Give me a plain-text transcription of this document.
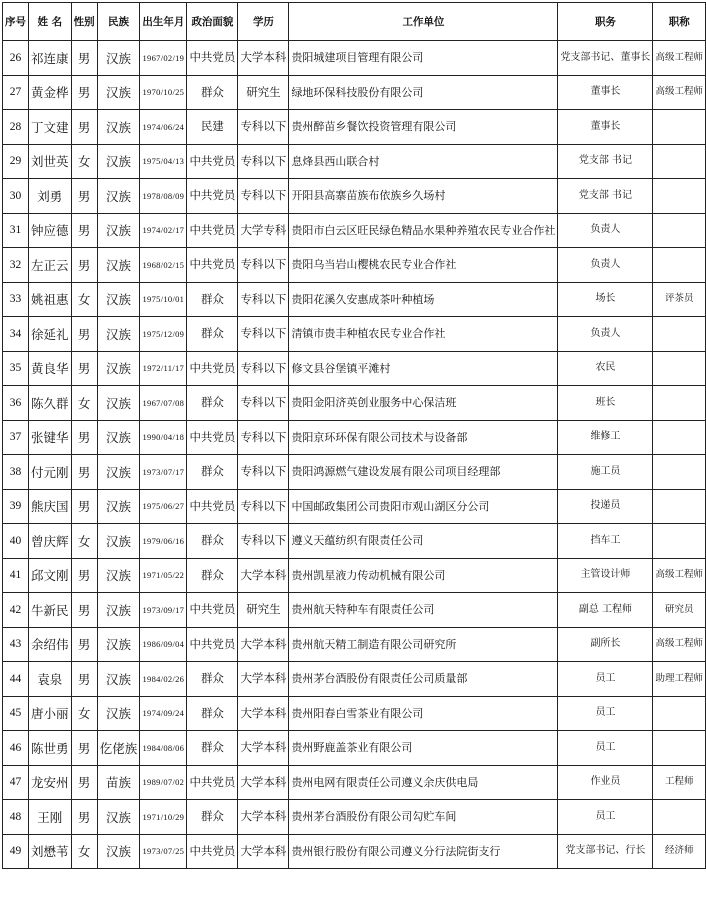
序号	姓 名	性别	民族	出生年月	政治面貌	学历	工作单位	职务	职称
26	祁连康	男	汉族	1967/02/19	中共党员	大学本科	贵阳城建项目管理有限公司	党支部书记、董事长	高级工程师
27	黄金桦	男	汉族	1970/10/25	群众	研究生	绿地环保科技股份有限公司	董事长	高级工程师
28	丁文建	男	汉族	1974/06/24	民建	专科以下	贵州醉苗乡餐饮投资管理有限公司	董事长	
29	刘世英	女	汉族	1975/04/13	中共党员	专科以下	息烽县西山联合村	党支部 书记	
30	刘勇	男	汉族	1978/08/09	中共党员	专科以下	开阳县高寨苗族布依族乡久场村	党支部 书记	
31	钟应德	男	汉族	1974/02/17	中共党员	大学专科	贵阳市白云区旺民绿色精品水果种养殖农民专业合作社	负责人	
32	左正云	男	汉族	1968/02/15	中共党员	专科以下	贵阳乌当岩山樱桃农民专业合作社	负责人	
33	姚祖惠	女	汉族	1975/10/01	群众	专科以下	贵阳花溪久安惠成茶叶种植场	场长	评茶员
34	徐延礼	男	汉族	1975/12/09	群众	专科以下	清镇市贵丰种植农民专业合作社	负责人	
35	黄良华	男	汉族	1972/11/17	中共党员	专科以下	修文县谷堡镇平滩村	农民	
36	陈久群	女	汉族	1967/07/08	群众	专科以下	贵阳金阳济英创业服务中心保洁班	班长	
37	张键华	男	汉族	1990/04/18	中共党员	专科以下	贵阳京环环保有限公司技术与设备部	维修工	
38	付元刚	男	汉族	1973/07/17	群众	专科以下	贵阳鸿源燃气建设发展有限公司项目经理部	施工员	
39	熊庆国	男	汉族	1975/06/27	中共党员	专科以下	中国邮政集团公司贵阳市观山湖区分公司	投递员	
40	曾庆辉	女	汉族	1979/06/16	群众	专科以下	遵义天蕴纺织有限责任公司	挡车工	
41	邱文刚	男	汉族	1971/05/22	群众	大学本科	贵州凯星液力传动机械有限公司	主管设计师	高级工程师
42	牛新民	男	汉族	1973/09/17	中共党员	研究生	贵州航天特种车有限责任公司	副总 工程师	研究员
43	余绍伟	男	汉族	1986/09/04	中共党员	大学本科	贵州航天精工制造有限公司研究所	副所长	高级工程师
44	袁泉	男	汉族	1984/02/26	群众	大学本科	贵州茅台酒股份有限责任公司质量部	员工	助理工程师
45	唐小丽	女	汉族	1974/09/24	群众	大学本科	贵州阳春白雪茶业有限公司	员工	
46	陈世勇	男	仡佬族	1984/08/06	群众	大学本科	贵州野鹿盖茶业有限公司	员工	
47	龙安州	男	苗族	1989/07/02	中共党员	大学本科	贵州电网有限责任公司遵义余庆供电局	作业员	工程师
48	王刚	男	汉族	1971/10/29	群众	大学本科	贵州茅台酒股份有限公司勾贮车间	员工	
49	刘懋苇	女	汉族	1973/07/25	中共党员	大学本科	贵州银行股份有限公司遵义分行法院街支行	党支部书记、行长	经济师
